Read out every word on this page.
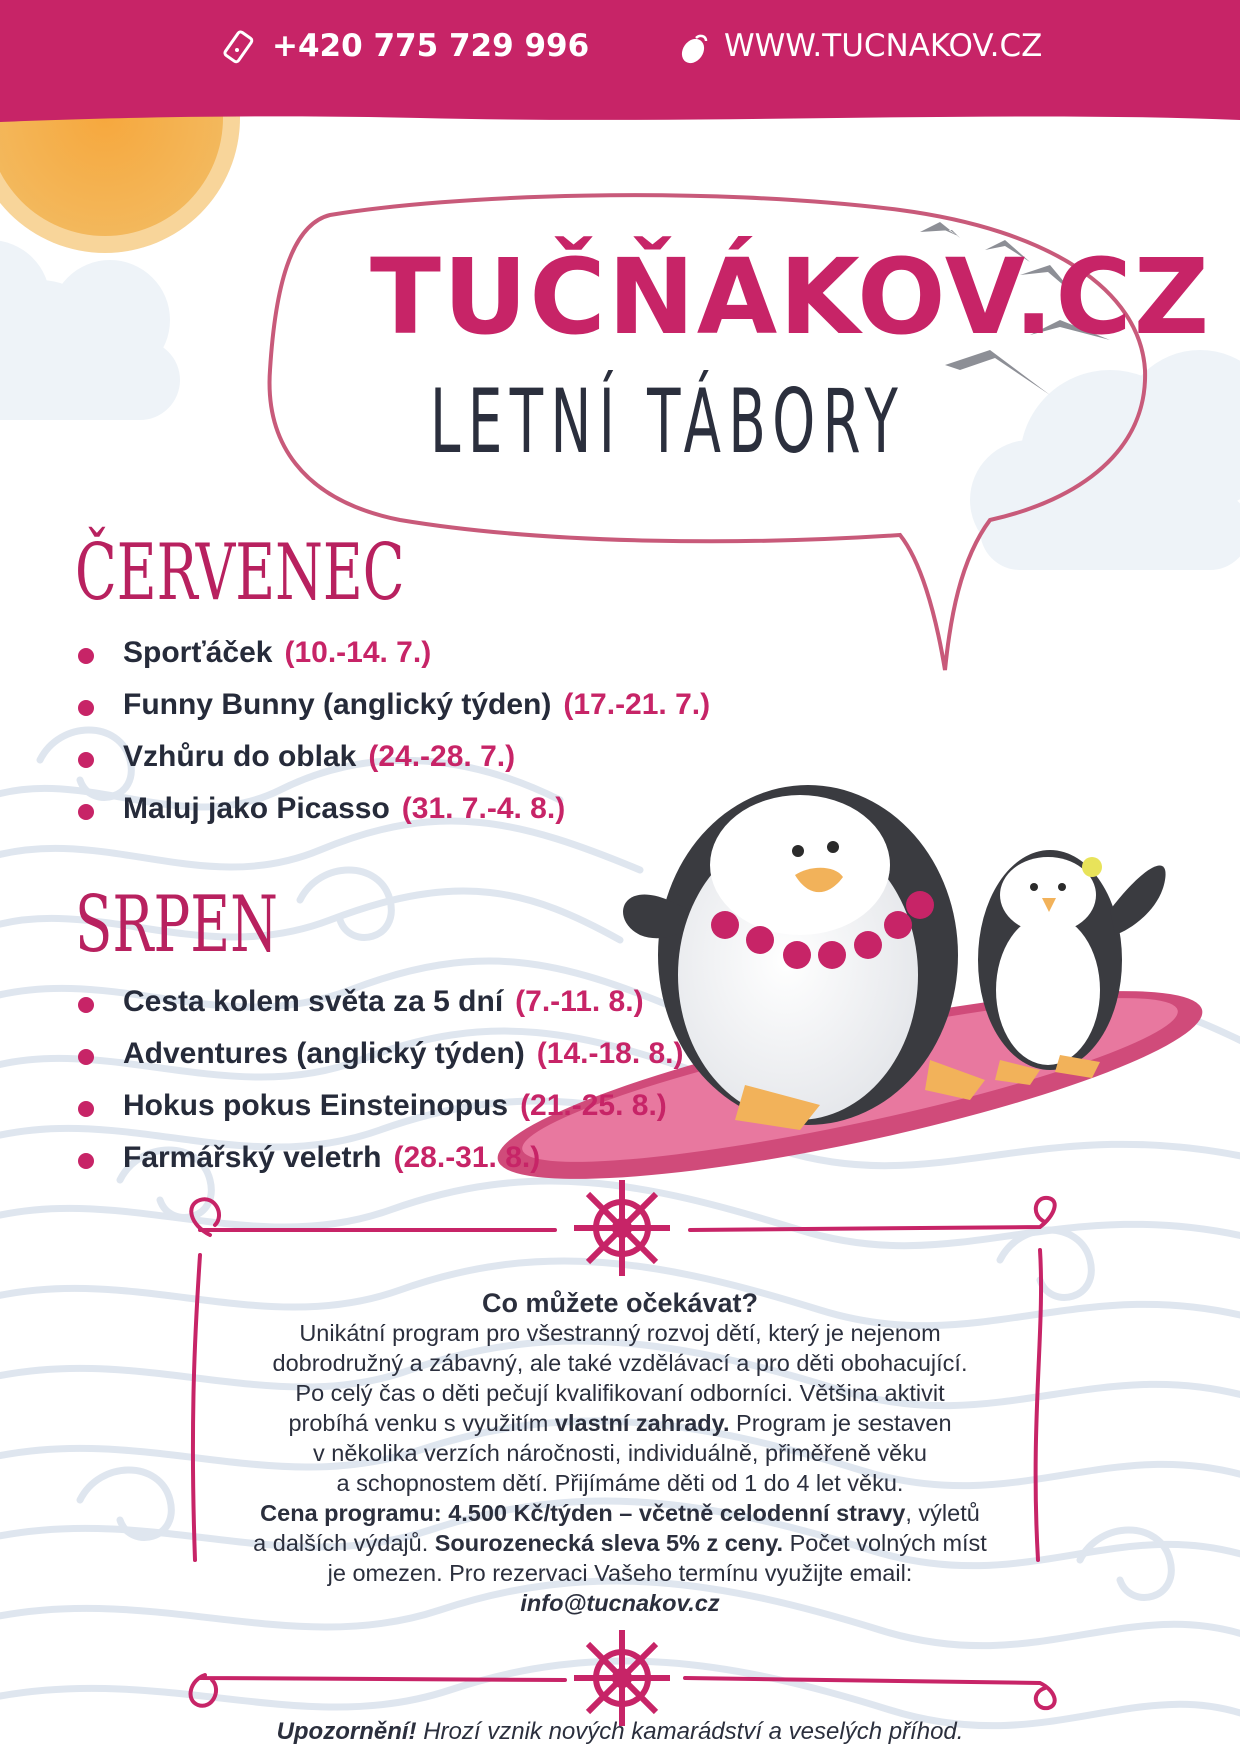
+420 775 729 996	WWW.TUCNAKOV.CZ
TUČŇÁKOV.CZ
LETNÍ TÁBORY
ČERVENEC
Sporťáček (10.-14. 7.)
Funny Bunny (anglický týden) (17.-21. 7.)
Vzhůru do oblak (24.-28. 7.)
Maluj jako Picasso (31. 7.-4. 8.)
SRPEN
Cesta kolem světa za 5 dní (7.-11. 8.)
Adventures (anglický týden) (14.-18. 8.)
Hokus pokus Einsteinopus (21.-25. 8.)
Farmářský veletrh (28.-31. 8.)
Co můžete očekávat?
Unikátní program pro všestranný rozvoj dětí, který je nejenom
dobrodružný a zábavný, ale také vzdělávací a pro děti obohacující.
Po celý čas o děti pečují kvalifikovaní odborníci. Většina aktivit
probíhá venku s využitím vlastní zahrady. Program je sestaven
v několika verzích náročnosti, individuálně, přiměřeně věku
a schopnostem dětí. Přijímáme děti od 1 do 4 let věku.
Cena programu: 4.500 Kč/týden – včetně celodenní stravy, výletů
a dalších výdajů. Sourozenecká sleva 5% z ceny. Počet volných míst
je omezen. Pro rezervaci Vašeho termínu využijte email:
info@tucnakov.cz
Upozornění! Hrozí vznik nových kamarádství a veselých příhod.
